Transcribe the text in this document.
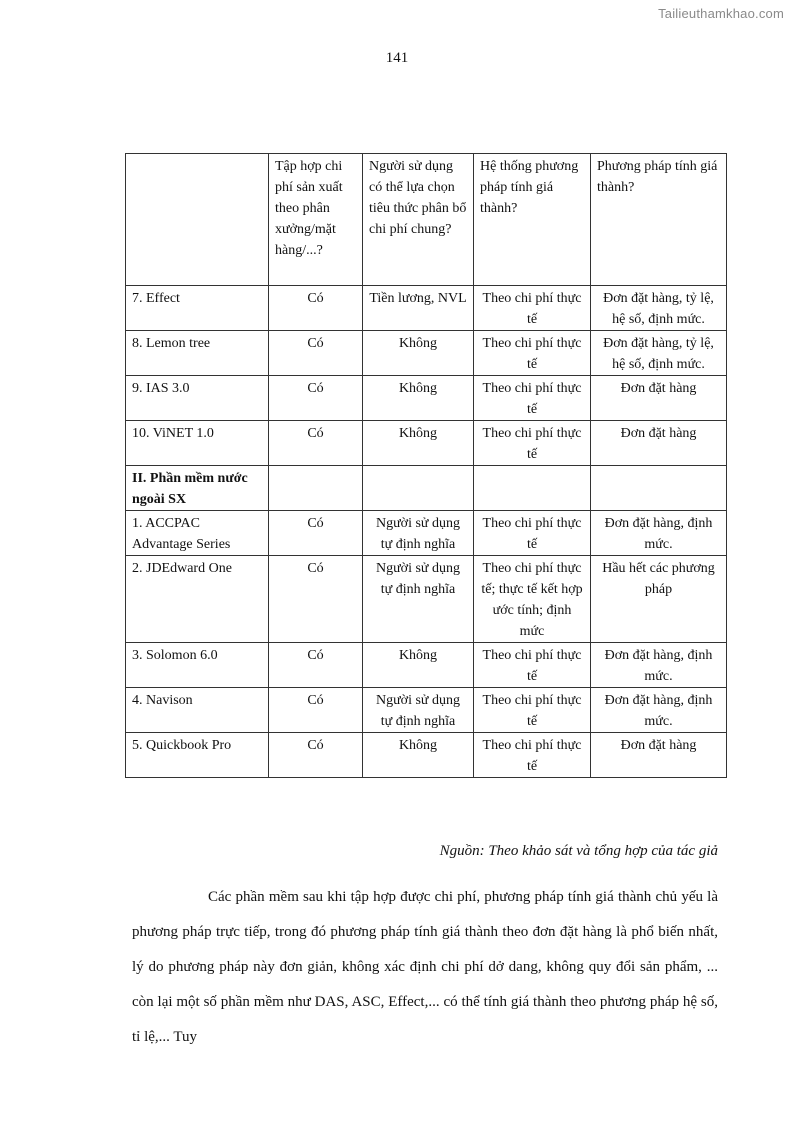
Tailieuthamkhao.com
141
	Tập hợp chi phí sản xuất theo phân xưởng/mặt hàng/...?	Người sử dụng có thể lựa chọn tiêu thức phân bổ chi phí chung?	Hệ thống phương pháp tính giá thành?	Phương pháp tính giá thành?
7. Effect	Có	Tiền lương, NVL	Theo chi phí thực tế	Đơn đặt hàng, tỷ lệ, hệ số, định mức.
8. Lemon tree	Có	Không	Theo chi phí thực tế	Đơn đặt hàng, tỷ lệ, hệ số, định mức.
9. IAS 3.0	Có	Không	Theo chi phí thực tế	Đơn đặt hàng
10. ViNET 1.0	Có	Không	Theo chi phí thực tế	Đơn đặt hàng
II. Phần mềm nước ngoài SX				
1. ACCPAC Advantage Series	Có	Người sử dụng tự định nghĩa	Theo chi phí thực tế	Đơn đặt hàng, định mức.
2. JDEdward One	Có	Người sử dụng tự định nghĩa	Theo chi phí thực tế; thực tế kết hợp ước tính; định mức	Hầu hết các phương pháp
3. Solomon 6.0	Có	Không	Theo chi phí thực tế	Đơn đặt hàng, định mức.
4. Navison	Có	Người sử dụng tự định nghĩa	Theo chi phí thực tế	Đơn đặt hàng, định mức.
5. Quickbook Pro	Có	Không	Theo chi phí thực tế	Đơn đặt hàng
Nguồn: Theo khảo sát và tổng hợp của tác giả

Các phần mềm sau khi tập hợp được chi phí, phương pháp tính giá thành chủ yếu là phương pháp trực tiếp, trong đó phương pháp tính giá thành theo đơn đặt hàng là phổ biến nhất, lý do phương pháp này đơn giản, không xác định chi phí dở dang, không quy đổi sản phẩm, ... còn lại một số phần mềm như DAS, ASC, Effect,... có thể tính giá thành theo phương pháp hệ số, tỉ lệ,... Tuy
